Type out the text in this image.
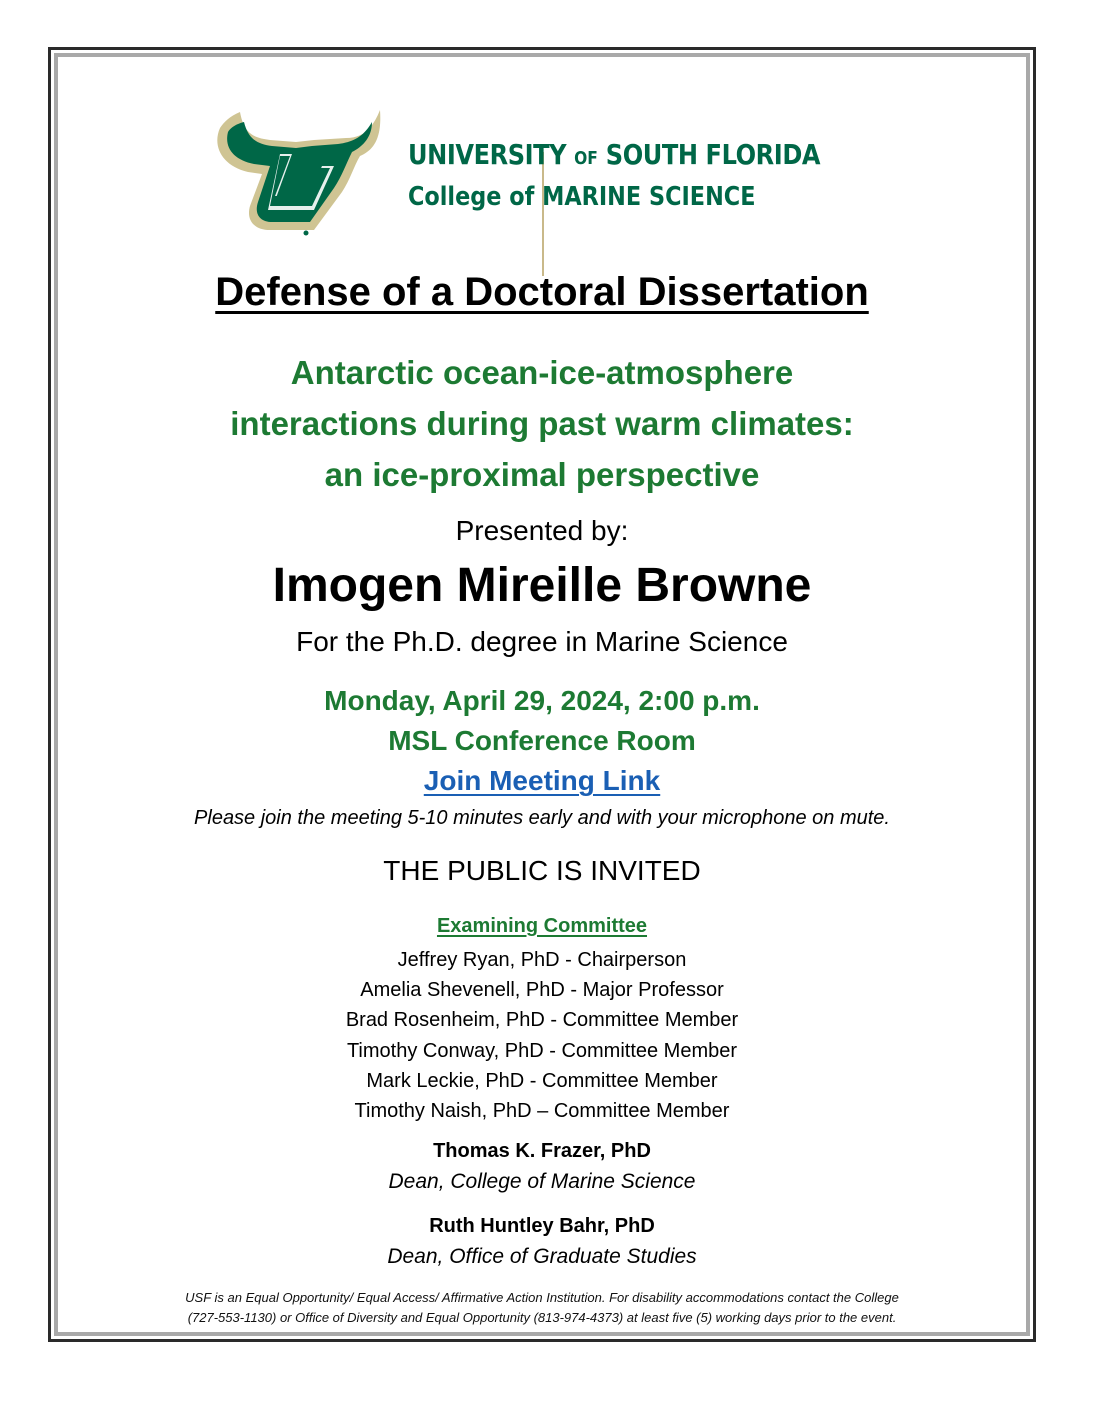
UNIVERSITY OF SOUTH FLORIDA
College of MARINE SCIENCE
Defense of a Doctoral Dissertation
Antarctic ocean-ice-atmosphere
interactions during past warm climates:
an ice-proximal perspective
Presented by:
Imogen Mireille Browne
For the Ph.D. degree in Marine Science
Monday, April 29, 2024, 2:00 p.m.
MSL Conference Room
Join Meeting Link
Please join the meeting 5-10 minutes early and with your microphone on mute.
THE PUBLIC IS INVITED
Examining Committee
Jeffrey Ryan, PhD - Chairperson
Amelia Shevenell, PhD - Major Professor
Brad Rosenheim, PhD - Committee Member
Timothy Conway, PhD - Committee Member
Mark Leckie, PhD - Committee Member
Timothy Naish, PhD – Committee Member
Thomas K. Frazer, PhD
Dean, College of Marine Science
Ruth Huntley Bahr, PhD
Dean, Office of Graduate Studies
USF is an Equal Opportunity/ Equal Access/ Affirmative Action Institution. For disability accommodations contact the College
(727-553-1130) or Office of Diversity and Equal Opportunity (813-974-4373) at least five (5) working days prior to the event.
